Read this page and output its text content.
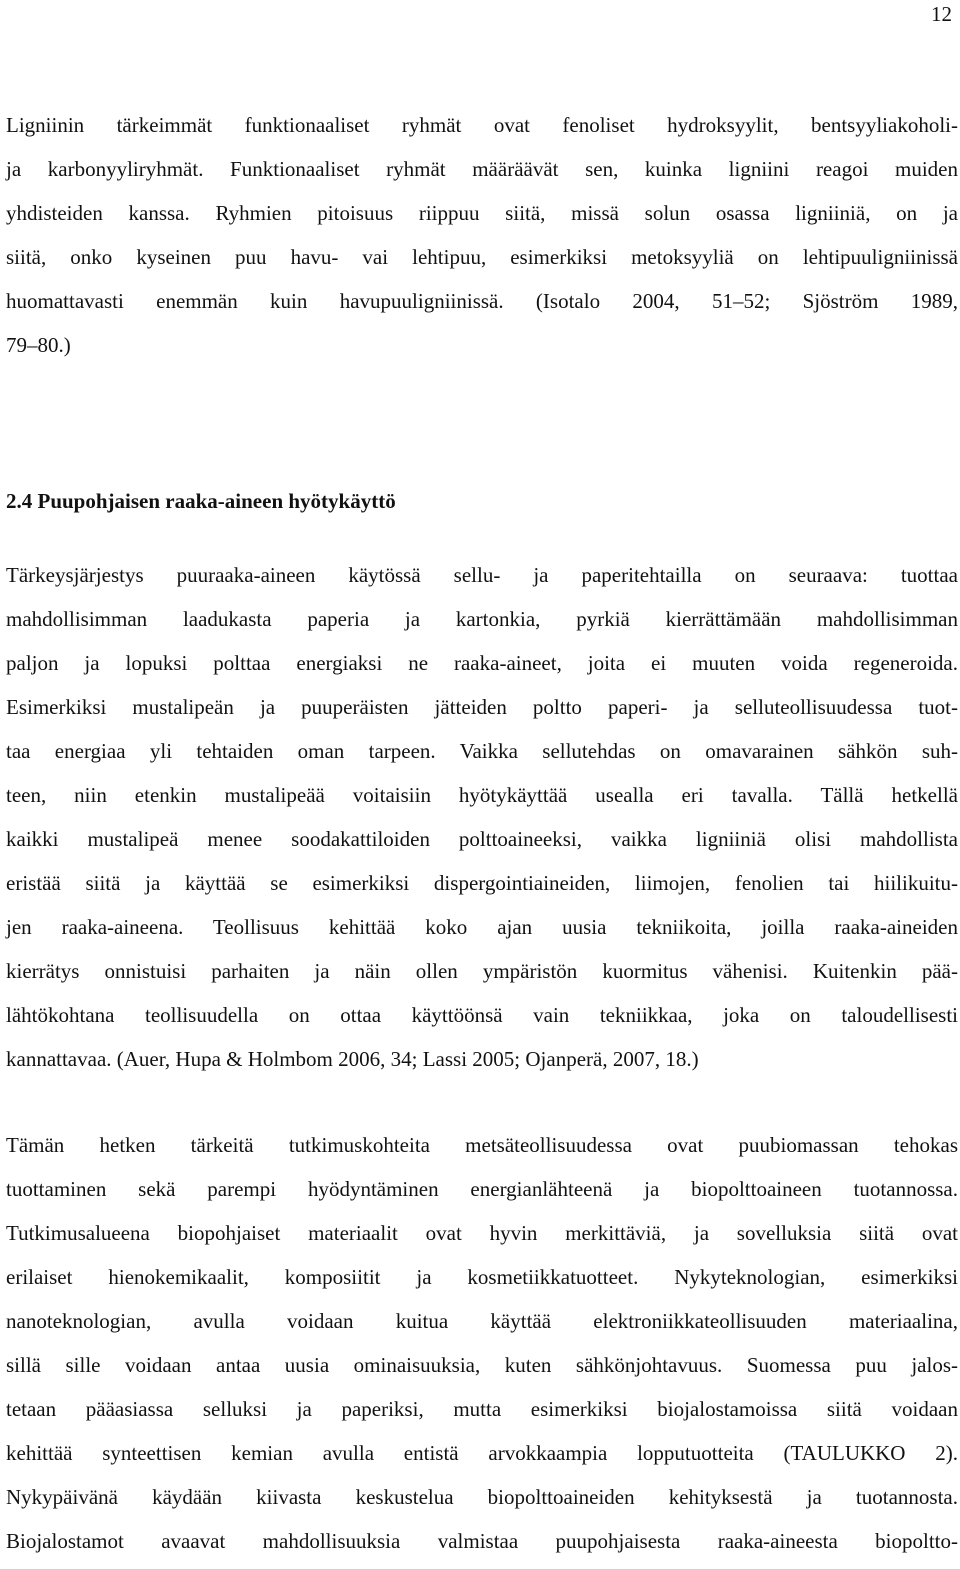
12
Ligniinin tärkeimmät funktionaaliset ryhmät ovat fenoliset hydroksyylit, bentsyyliakoholi-
ja karbonyyliryhmät. Funktionaaliset ryhmät määräävät sen, kuinka ligniini reagoi muiden
yhdisteiden kanssa. Ryhmien pitoisuus riippuu siitä, missä solun osassa ligniiniä, on ja
siitä, onko kyseinen puu havu- vai lehtipuu, esimerkiksi metoksyyliä on lehtipuuligniinissä
huomattavasti enemmän kuin havupuuligniinissä. (Isotalo 2004, 51–52; Sjöström 1989,
79–80.)
2.4 Puupohjaisen raaka-aineen hyötykäyttö
Tärkeysjärjestys puuraaka-aineen käytössä sellu- ja paperitehtailla on seuraava: tuottaa
mahdollisimman laadukasta paperia ja kartonkia, pyrkiä kierrättämään mahdollisimman
paljon ja lopuksi polttaa energiaksi ne raaka-aineet, joita ei muuten voida regeneroida.
Esimerkiksi mustalipeän ja puuperäisten jätteiden poltto paperi- ja selluteollisuudessa tuot-
taa energiaa yli tehtaiden oman tarpeen. Vaikka sellutehdas on omavarainen sähkön suh-
teen, niin etenkin mustalipeää voitaisiin hyötykäyttää usealla eri tavalla. Tällä hetkellä
kaikki mustalipeä menee soodakattiloiden polttoaineeksi, vaikka ligniiniä olisi mahdollista
eristää siitä ja käyttää se esimerkiksi dispergointiaineiden, liimojen, fenolien tai hiilikuitu-
jen raaka-aineena. Teollisuus kehittää koko ajan uusia tekniikoita, joilla raaka-aineiden
kierrätys onnistuisi parhaiten ja näin ollen ympäristön kuormitus vähenisi. Kuitenkin pää-
lähtökohtana teollisuudella on ottaa käyttöönsä vain tekniikkaa, joka on taloudellisesti
kannattavaa. (Auer, Hupa & Holmbom 2006, 34; Lassi 2005; Ojanperä, 2007, 18.)
Tämän hetken tärkeitä tutkimuskohteita metsäteollisuudessa ovat puubiomassan tehokas
tuottaminen sekä parempi hyödyntäminen energianlähteenä ja biopolttoaineen tuotannossa.
Tutkimusalueena biopohjaiset materiaalit ovat hyvin merkittäviä, ja sovelluksia siitä ovat
erilaiset hienokemikaalit, komposiitit ja kosmetiikkatuotteet. Nykyteknologian, esimerkiksi
nanoteknologian, avulla voidaan kuitua käyttää elektroniikkateollisuuden materiaalina,
sillä sille voidaan antaa uusia ominaisuuksia, kuten sähkönjohtavuus. Suomessa puu jalos-
tetaan pääasiassa selluksi ja paperiksi, mutta esimerkiksi biojalostamoissa siitä voidaan
kehittää synteettisen kemian avulla entistä arvokkaampia lopputuotteita (TAULUKKO 2).
Nykypäivänä käydään kiivasta keskustelua biopolttoaineiden kehityksestä ja tuotannosta.
Biojalostamot avaavat mahdollisuuksia valmistaa puupohjaisesta raaka-aineesta biopoltto-
